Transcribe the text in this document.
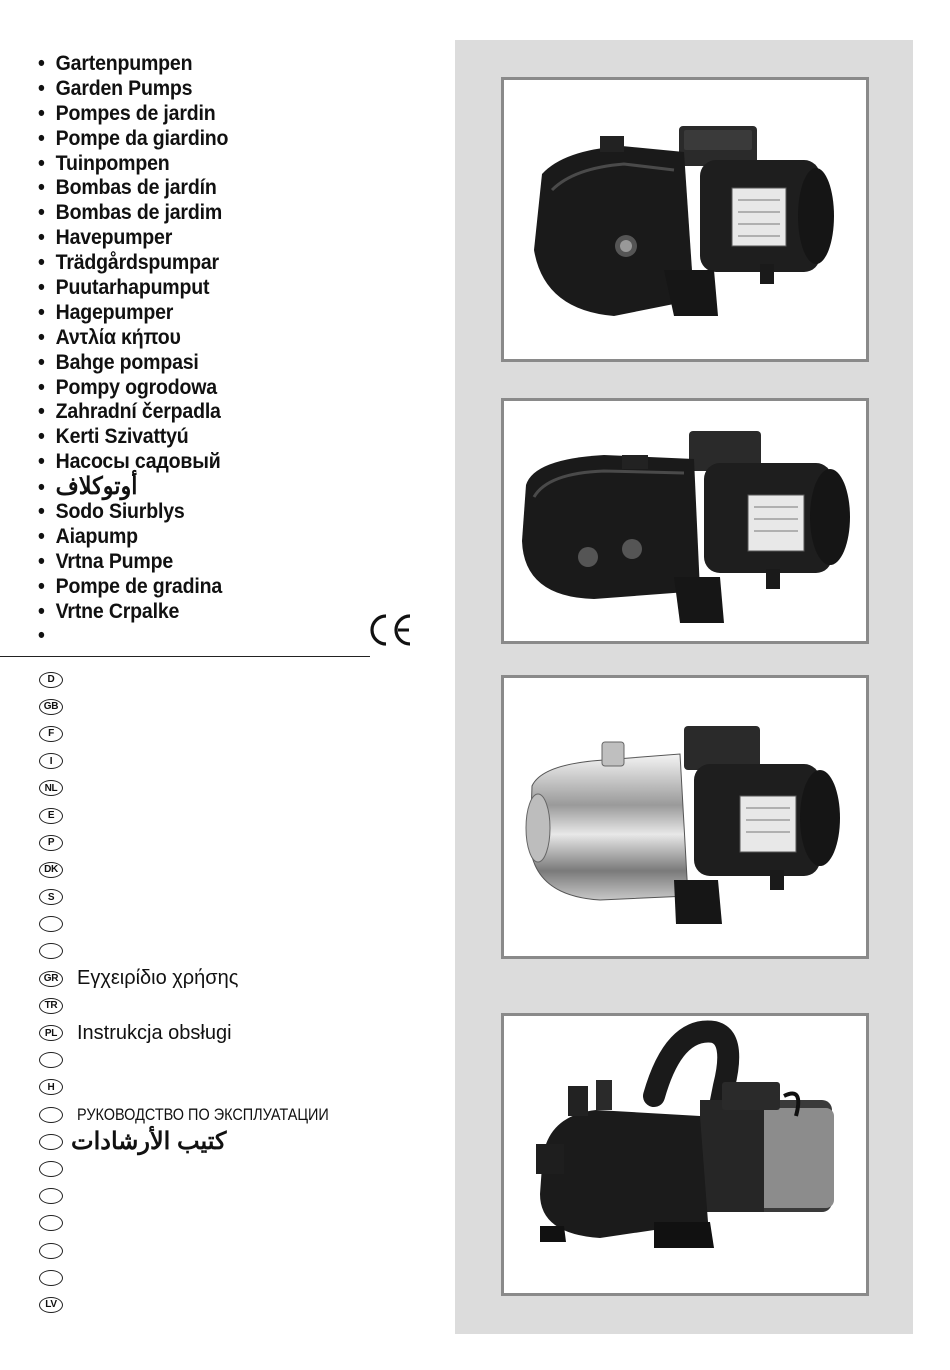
• Gartenpumpen
• Garden Pumps
• Pompes de jardin
• Pompe da giardino
• Tuinpompen
• Bombas de jardín
• Bombas de jardim
• Havepumper
• Trädgårdspumpar
• Puutarhapumput
• Hagepumper
• Αντλία κήπου
• Bahge pompasi
• Pompy ogrodowa
• Zahradní čerpadla
• Kerti Szivattyú
• Насосы садовый
• أوتوكلاف
• Sodo Siurblys
• Aiapump
• Vrtna Pumpe
• Pompe de gradina
• Vrtne Crpalke
•
D
GB
F
I
NL
E
P
DK
S
GR Εγχειρίδιο χρήσης
TR
PL Instrukcja obsługi
H
РУКОВОДСТВО ПО ЭКСПЛУАТАЦИИ
كتيب الأرشادات
LV
